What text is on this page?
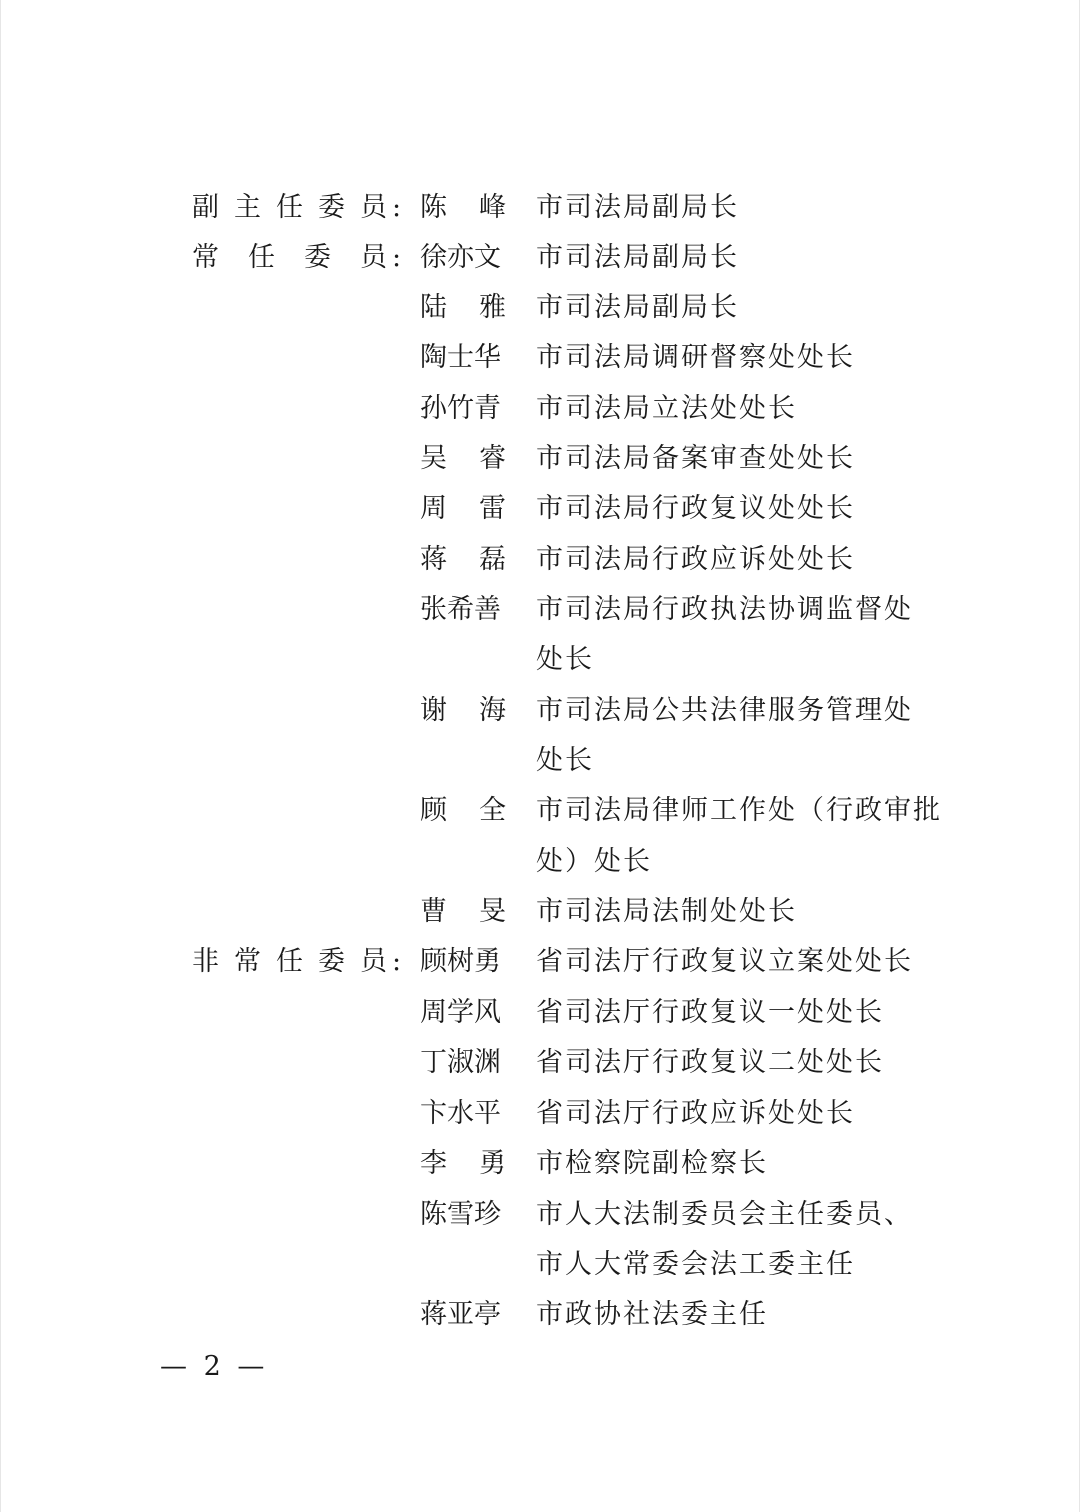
副 主 任 委 员 : 陈 峰 市司法局副局长
常 任 委 员 : 徐亦文 市司法局副局长
陆 雅 市司法局副局长
陶士华 市司法局调研督察处处长
孙竹青 市司法局立法处处长
吴 睿 市司法局备案审查处处长
周 雷 市司法局行政复议处处长
蒋 磊 市司法局行政应诉处处长
张希善 市司法局行政执法协调监督处
处长
谢 海 市司法局公共法律服务管理处
处长
顾 全 市司法局律师工作处（行政审批
处）处长
曹 旻 市司法局法制处处长
非 常 任 委 员 : 顾树勇 省司法厅行政复议立案处处长
周学风 省司法厅行政复议一处处长
丁淑渊 省司法厅行政复议二处处长
卞水平 省司法厅行政应诉处处长
李 勇 市检察院副检察长
陈雪珍 市人大法制委员会主任委员、
市人大常委会法工委主任
蒋亚亭 市政协社法委主任
— 2 —
